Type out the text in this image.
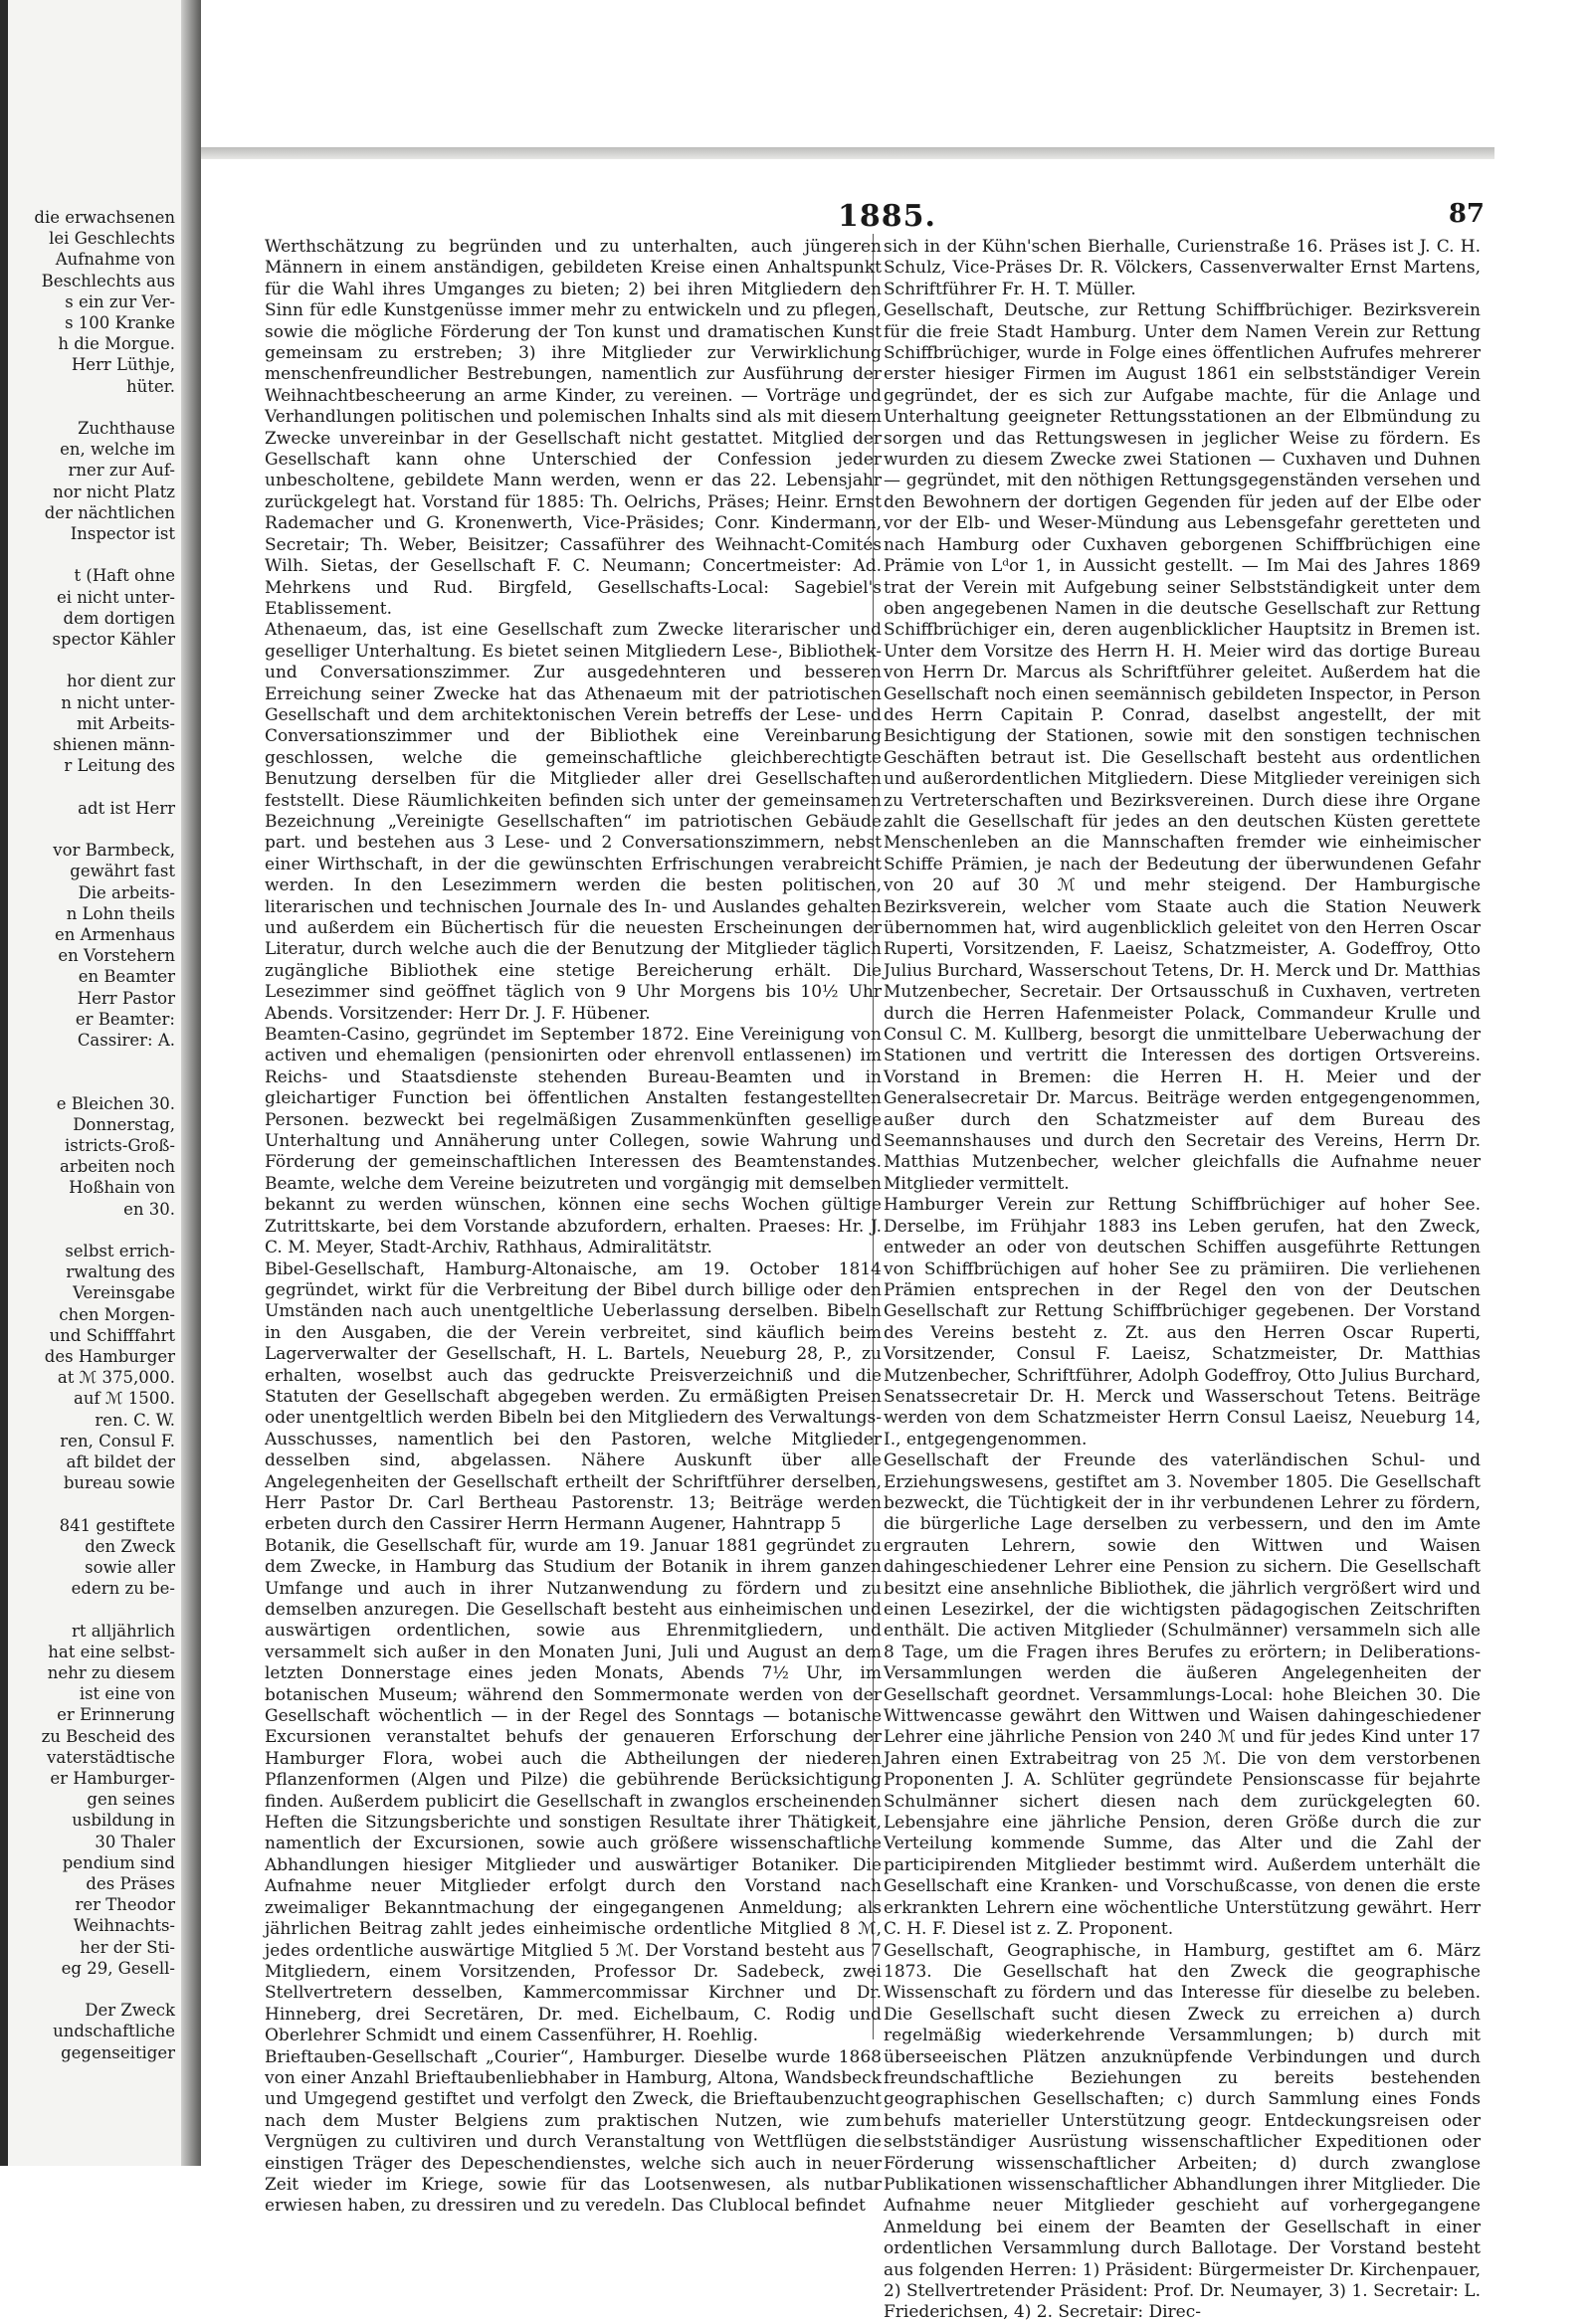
die erwachsenen
lei Geschlechts
Aufnahme von
Beschlechts aus
s ein zur Ver-
s 100 Kranke
h die Morgue.
Herr Lüthje,
hüter.

Zuchthause
en, welche im
rner zur Auf-
nor nicht Platz
der nächtlichen
Inspector ist

t (Haft ohne
ei nicht unter-
dem dortigen
spector Kähler

hor dient zur
n nicht unter-
mit Arbeits-
shienen männ-
r Leitung des

adt ist Herr

vor Barmbeck,
gewährt fast
Die arbeits-
n Lohn theils
en Armenhaus
en Vorstehern
en Beamter
Herr Pastor
er Beamter:
Cassirer: A.

e Bleichen 30.
Donnerstag,
istricts-Groß-
arbeiten noch
Hoßhain von
en 30.

selbst errich-
rwaltung des
Vereinsgabe
chen Morgen-
und Schifffahrt
des Hamburger
at ℳ 375,000.
auf ℳ 1500.
ren. C. W.
ren, Consul F.
aft bildet der
bureau sowie

841 gestiftete
den Zweck
sowie aller
edern zu be-

rt alljährlich
hat eine selbst-
nehr zu diesem
ist eine von
er Erinnerung
zu Bescheid des
vaterstädtische
er Hamburger-
gen seines
usbildung in
30 Thaler
pendium sind
des Präses
rer Theodor
Weihnachts-
her der Sti-
eg 29, Gesell-

Der Zweck
undschaftliche
gegenseitiger
1885.	87

Werthschätzung zu begründen und zu unterhalten, auch jüngeren Männern in einem anständigen, gebildeten Kreise einen Anhaltspunkt für die Wahl ihres Umganges zu bieten; 2) bei ihren Mitgliedern den Sinn für edle Kunstgenüsse immer mehr zu entwickeln und zu pflegen, sowie die mögliche Förderung der Ton kunst und dramatischen Kunst gemeinsam zu erstreben; 3) ihre Mitglieder zur Verwirklichung menschenfreundlicher Bestrebungen, namentlich zur Ausführung der Weihnachtbescheerung an arme Kinder, zu vereinen. — Vorträge und Verhandlungen politischen und polemischen Inhalts sind als mit diesem Zwecke unvereinbar in der Gesellschaft nicht gestattet. Mitglied der Gesellschaft kann ohne Unterschied der Confession jeder unbescholtene, gebildete Mann werden, wenn er das 22. Lebensjahr zurückgelegt hat. Vorstand für 1885: Th. Oelrichs, Präses; Heinr. Ernst Rademacher und G. Kronenwerth, Vice-Präsides; Conr. Kindermann, Secretair; Th. Weber, Beisitzer; Cassaführer des Weihnacht-Comités Wilh. Sietas, der Gesellschaft F. C. Neumann; Concertmeister: Ad. Mehrkens und Rud. Birgfeld, Gesellschafts-Local: Sagebiel's Etablissement.

Athenaeum, das, ist eine Gesellschaft zum Zwecke literarischer und geselliger Unterhaltung. Es bietet seinen Mitgliedern Lese-, Bibliothek- und Conversationszimmer. Zur ausgedehnteren und besseren Erreichung seiner Zwecke hat das Athenaeum mit der patriotischen Gesellschaft und dem architektonischen Verein betreffs der Lese- und Conversationszimmer und der Bibliothek eine Vereinbarung geschlossen, welche die gemeinschaftliche gleichberechtigte Benutzung derselben für die Mitglieder aller drei Gesellschaften feststellt. Diese Räumlichkeiten befinden sich unter der gemeinsamen Bezeichnung „Vereinigte Gesellschaften“ im patriotischen Gebäude part. und bestehen aus 3 Lese- und 2 Conversationszimmern, nebst einer Wirthschaft, in der die gewünschten Erfrischungen verabreicht werden. In den Lesezimmern werden die besten politischen, literarischen und technischen Journale des In- und Auslandes gehalten und außerdem ein Büchertisch für die neuesten Erscheinungen der Literatur, durch welche auch die der Benutzung der Mitglieder täglich zugängliche Bibliothek eine stetige Bereicherung erhält. Die Lesezimmer sind geöffnet täglich von 9 Uhr Morgens bis 10½ Uhr Abends. Vorsitzender: Herr Dr. J. F. Hübener.

Beamten-Casino, gegründet im September 1872. Eine Vereinigung von activen und ehemaligen (pensionirten oder ehrenvoll entlassenen) im Reichs- und Staatsdienste stehenden Bureau-Beamten und in gleichartiger Function bei öffentlichen Anstalten festangestellten Personen. bezweckt bei regelmäßigen Zusammenkünften gesellige Unterhaltung und Annäherung unter Collegen, sowie Wahrung und Förderung der gemeinschaftlichen Interessen des Beamtenstandes. Beamte, welche dem Vereine beizutreten und vorgängig mit demselben bekannt zu werden wünschen, können eine sechs Wochen gültige Zutrittskarte, bei dem Vorstande abzufordern, erhalten. Praeses: Hr. J. C. M. Meyer, Stadt-Archiv, Rathhaus, Admiralitätstr.

Bibel-Gesellschaft, Hamburg-Altonaische, am 19. October 1814 gegründet, wirkt für die Verbreitung der Bibel durch billige oder den Umständen nach auch unentgeltliche Ueberlassung derselben. Bibeln in den Ausgaben, die der Verein verbreitet, sind käuflich beim Lagerverwalter der Gesellschaft, H. L. Bartels, Neueburg 28, P., zu erhalten, woselbst auch das gedruckte Preisverzeichniß und die Statuten der Gesellschaft abgegeben werden. Zu ermäßigten Preisen oder unentgeltlich werden Bibeln bei den Mitgliedern des Verwaltungs-Ausschusses, namentlich bei den Pastoren, welche Mitglieder desselben sind, abgelassen. Nähere Auskunft über alle Angelegenheiten der Gesellschaft ertheilt der Schriftführer derselben, Herr Pastor Dr. Carl Bertheau Pastorenstr. 13; Beiträge werden erbeten durch den Cassirer Herrn Hermann Augener, Hahntrapp 5

Botanik, die Gesellschaft für, wurde am 19. Januar 1881 gegründet zu dem Zwecke, in Hamburg das Studium der Botanik in ihrem ganzen Umfange und auch in ihrer Nutzanwendung zu fördern und zu demselben anzuregen. Die Gesellschaft besteht aus einheimischen und auswärtigen ordentlichen, sowie aus Ehrenmitgliedern, und versammelt sich außer in den Monaten Juni, Juli und August an dem letzten Donnerstage eines jeden Monats, Abends 7½ Uhr, im botanischen Museum; während den Sommermonate werden von der Gesellschaft wöchentlich — in der Regel des Sonntags — botanische Excursionen veranstaltet behufs der genaueren Erforschung der Hamburger Flora, wobei auch die Abtheilungen der niederen Pflanzenformen (Algen und Pilze) die gebührende Berücksichtigung finden. Außerdem publicirt die Gesellschaft in zwanglos erscheinenden Heften die Sitzungsberichte und sonstigen Resultate ihrer Thätigkeit, namentlich der Excursionen, sowie auch größere wissenschaftliche Abhandlungen hiesiger Mitglieder und auswärtiger Botaniker. Die Aufnahme neuer Mitglieder erfolgt durch den Vorstand nach zweimaliger Bekanntmachung der eingegangenen Anmeldung; als jährlichen Beitrag zahlt jedes einheimische ordentliche Mitglied 8 ℳ, jedes ordentliche auswärtige Mitglied 5 ℳ. Der Vorstand besteht aus 7 Mitgliedern, einem Vorsitzenden, Professor Dr. Sadebeck, zwei Stellvertretern desselben, Kammercommissar Kirchner und Dr. Hinneberg, drei Secretären, Dr. med. Eichelbaum, C. Rodig und Oberlehrer Schmidt und einem Cassenführer, H. Roehlig.

Brieftauben-Gesellschaft „Courier“, Hamburger. Dieselbe wurde 1868 von einer Anzahl Brieftaubenliebhaber in Hamburg, Altona, Wandsbeck und Umgegend gestiftet und verfolgt den Zweck, die Brieftaubenzucht nach dem Muster Belgiens zum praktischen Nutzen, wie zum Vergnügen zu cultiviren und durch Veranstaltung von Wettflügen die einstigen Träger des Depeschendienstes, welche sich auch in neuer Zeit wieder im Kriege, sowie für das Lootsenwesen, als nutbar erwiesen haben, zu dressiren und zu veredeln. Das Clublocal befindet

sich in der Kühn'schen Bierhalle, Curienstraße 16. Präses ist J. C. H. Schulz, Vice-Präses Dr. R. Völckers, Cassenverwalter Ernst Martens, Schriftführer Fr. H. T. Müller.

Gesellschaft, Deutsche, zur Rettung Schiffbrüchiger. Bezirksverein für die freie Stadt Hamburg. Unter dem Namen Verein zur Rettung Schiffbrüchiger, wurde in Folge eines öffentlichen Aufrufes mehrerer erster hiesiger Firmen im August 1861 ein selbstständiger Verein gegründet, der es sich zur Aufgabe machte, für die Anlage und Unterhaltung geeigneter Rettungsstationen an der Elbmündung zu sorgen und das Rettungswesen in jeglicher Weise zu fördern. Es wurden zu diesem Zwecke zwei Stationen — Cuxhaven und Duhnen — gegründet, mit den nöthigen Rettungsgegenständen versehen und den Bewohnern der dortigen Gegenden für jeden auf der Elbe oder vor der Elb- und Weser-Mündung aus Lebensgefahr geretteten und nach Hamburg oder Cuxhaven geborgenen Schiffbrüchigen eine Prämie von Lᵈor 1, in Aussicht gestellt. — Im Mai des Jahres 1869 trat der Verein mit Aufgebung seiner Selbstständigkeit unter dem oben angegebenen Namen in die deutsche Gesellschaft zur Rettung Schiffbrüchiger ein, deren augenblicklicher Hauptsitz in Bremen ist. Unter dem Vorsitze des Herrn H. H. Meier wird das dortige Bureau von Herrn Dr. Marcus als Schriftführer geleitet. Außerdem hat die Gesellschaft noch einen seemännisch gebildeten Inspector, in Person des Herrn Capitain P. Conrad, daselbst angestellt, der mit Besichtigung der Stationen, sowie mit den sonstigen technischen Geschäften betraut ist. Die Gesellschaft besteht aus ordentlichen und außerordentlichen Mitgliedern. Diese Mitglieder vereinigen sich zu Vertreterschaften und Bezirksvereinen. Durch diese ihre Organe zahlt die Gesellschaft für jedes an den deutschen Küsten gerettete Menschenleben an die Mannschaften fremder wie einheimischer Schiffe Prämien, je nach der Bedeutung der überwundenen Gefahr von 20 auf 30 ℳ und mehr steigend. Der Hamburgische Bezirksverein, welcher vom Staate auch die Station Neuwerk übernommen hat, wird augenblicklich geleitet von den Herren Oscar Ruperti, Vorsitzenden, F. Laeisz, Schatzmeister, A. Godeffroy, Otto Julius Burchard, Wasserschout Tetens, Dr. H. Merck und Dr. Matthias Mutzenbecher, Secretair. Der Ortsausschuß in Cuxhaven, vertreten durch die Herren Hafenmeister Polack, Commandeur Krulle und Consul C. M. Kullberg, besorgt die unmittelbare Ueberwachung der Stationen und vertritt die Interessen des dortigen Ortsvereins. Vorstand in Bremen: die Herren H. H. Meier und der Generalsecretair Dr. Marcus. Beiträge werden entgegengenommen, außer durch den Schatzmeister auf dem Bureau des Seemannshauses und durch den Secretair des Vereins, Herrn Dr. Matthias Mutzenbecher, welcher gleichfalls die Aufnahme neuer Mitglieder vermittelt.

Hamburger Verein zur Rettung Schiffbrüchiger auf hoher See. Derselbe, im Frühjahr 1883 ins Leben gerufen, hat den Zweck, entweder an oder von deutschen Schiffen ausgeführte Rettungen von Schiffbrüchigen auf hoher See zu prämiiren. Die verliehenen Prämien entsprechen in der Regel den von der Deutschen Gesellschaft zur Rettung Schiffbrüchiger gegebenen. Der Vorstand des Vereins besteht z. Zt. aus den Herren Oscar Ruperti, Vorsitzender, Consul F. Laeisz, Schatzmeister, Dr. Matthias Mutzenbecher, Schriftführer, Adolph Godeffroy, Otto Julius Burchard, Senatssecretair Dr. H. Merck und Wasserschout Tetens. Beiträge werden von dem Schatzmeister Herrn Consul Laeisz, Neueburg 14, I., entgegengenommen.

Gesellschaft der Freunde des vaterländischen Schul- und Erziehungswesens, gestiftet am 3. November 1805. Die Gesellschaft bezweckt, die Tüchtigkeit der in ihr verbundenen Lehrer zu fördern, die bürgerliche Lage derselben zu verbessern, und den im Amte ergrauten Lehrern, sowie den Wittwen und Waisen dahingeschiedener Lehrer eine Pension zu sichern. Die Gesellschaft besitzt eine ansehnliche Bibliothek, die jährlich vergrößert wird und einen Lesezirkel, der die wichtigsten pädagogischen Zeitschriften enthält. Die activen Mitglieder (Schulmänner) versammeln sich alle 8 Tage, um die Fragen ihres Berufes zu erörtern; in Deliberations-Versammlungen werden die äußeren Angelegenheiten der Gesellschaft geordnet. Versammlungs-Local: hohe Bleichen 30. Die Wittwencasse gewährt den Wittwen und Waisen dahingeschiedener Lehrer eine jährliche Pension von 240 ℳ und für jedes Kind unter 17 Jahren einen Extrabeitrag von 25 ℳ. Die von dem verstorbenen Proponenten J. A. Schlüter gegründete Pensionscasse für bejahrte Schulmänner sichert diesen nach dem zurückgelegten 60. Lebensjahre eine jährliche Pension, deren Größe durch die zur Verteilung kommende Summe, das Alter und die Zahl der participirenden Mitglieder bestimmt wird. Außerdem unterhält die Gesellschaft eine Kranken- und Vorschußcasse, von denen die erste erkrankten Lehrern eine wöchentliche Unterstützung gewährt. Herr C. H. F. Diesel ist z. Z. Proponent.

Gesellschaft, Geographische, in Hamburg, gestiftet am 6. März 1873. Die Gesellschaft hat den Zweck die geographische Wissenschaft zu fördern und das Interesse für dieselbe zu beleben. Die Gesellschaft sucht diesen Zweck zu erreichen a) durch regelmäßig wiederkehrende Versammlungen; b) durch mit überseeischen Plätzen anzuknüpfende Verbindungen und durch freundschaftliche Beziehungen zu bereits bestehenden geographischen Gesellschaften; c) durch Sammlung eines Fonds behufs materieller Unterstützung geogr. Entdeckungsreisen oder selbstständiger Ausrüstung wissenschaftlicher Expeditionen oder Förderung wissenschaftlicher Arbeiten; d) durch zwanglose Publikationen wissenschaftlicher Abhandlungen ihrer Mitglieder. Die Aufnahme neuer Mitglieder geschieht auf vorhergegangene Anmeldung bei einem der Beamten der Gesellschaft in einer ordentlichen Versammlung durch Ballotage. Der Vorstand besteht aus folgenden Herren: 1) Präsident: Bürgermeister Dr. Kirchenpauer, 2) Stellvertretender Präsident: Prof. Dr. Neumayer, 3) 1. Secretair: L. Friederichsen, 4) 2. Secretair: Direc-
